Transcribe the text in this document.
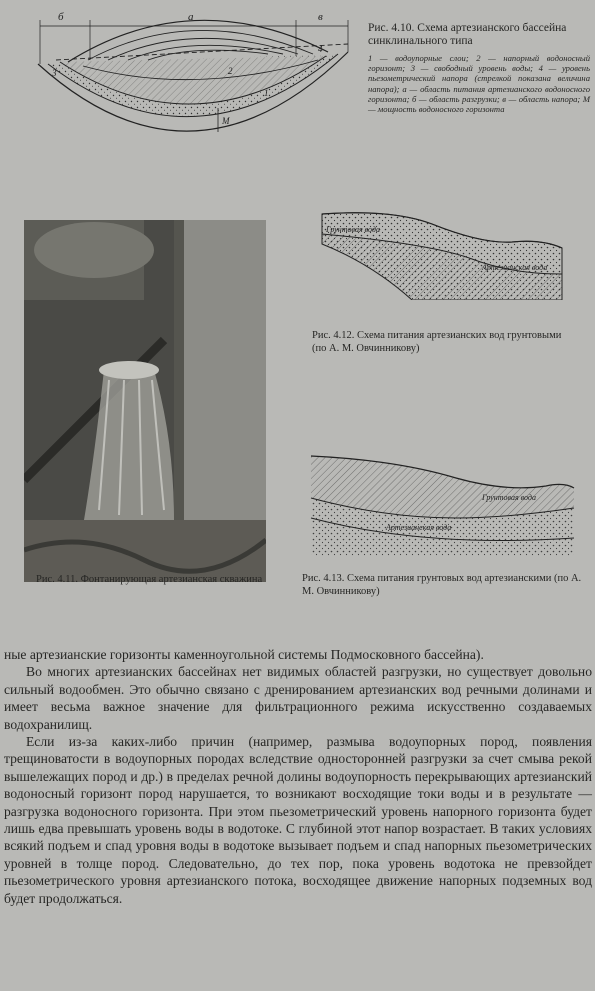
б	а	в
3
4
2
1
М
Рис. 4.10. Схема артезианского бассейна синклинального типа
1 — водоупорные слои; 2 — напорный водоносный горизонт; 3 — свободный уровень воды; 4 — уровень пьезометрический напора (стрелкой показана величина напора); а — область питания артезианского водоносного горизонта; б — область разгрузки; в — область напора; М — мощность водоносного горизонта
Рис. 4.11. Фонтанирующая артезианская скважина
Грунтовая вода
Артезианская вода
Рис. 4.12. Схема питания артезианских вод грунтовыми (по А. М. Овчинникову)
Грунтовая вода
Артезианская вода
Рис. 4.13. Схема питания грунтовых вод артезианскими (по А. М. Овчинникову)

ные артезианские горизонты каменноугольной системы Подмосковного бассейна).

Во многих артезианских бассейнах нет видимых областей разгрузки, но существует довольно сильный водообмен. Это обычно связано с дренированием артезианских вод речными долинами и имеет весьма важное значение для фильтрационного режима искусственно создаваемых водохранилищ.

Если из-за каких-либо причин (например, размыва водоупорных пород, появления трещиноватости в водоупорных породах вследствие односторонней разгрузки за счет смыва рекой вышележащих пород и др.) в пределах речной долины водоупорность перекрывающих артезианский водоносный горизонт пород нарушается, то возникают восходящие токи воды и в результате — разгрузка водоносного горизонта. При этом пьезометрический уровень напорного горизонта будет лишь едва превышать уровень воды в водотоке. С глубиной этот напор возрастает. В таких условиях всякий подъем и спад уровня воды в водотоке вызывает подъем и спад напорных пьезометрических уровней в толще пород. Следовательно, до тех пор, пока уровень водотока не превзойдет пьезометрического уровня артезианского потока, восходящее движение напорных подземных вод будет продолжаться.
